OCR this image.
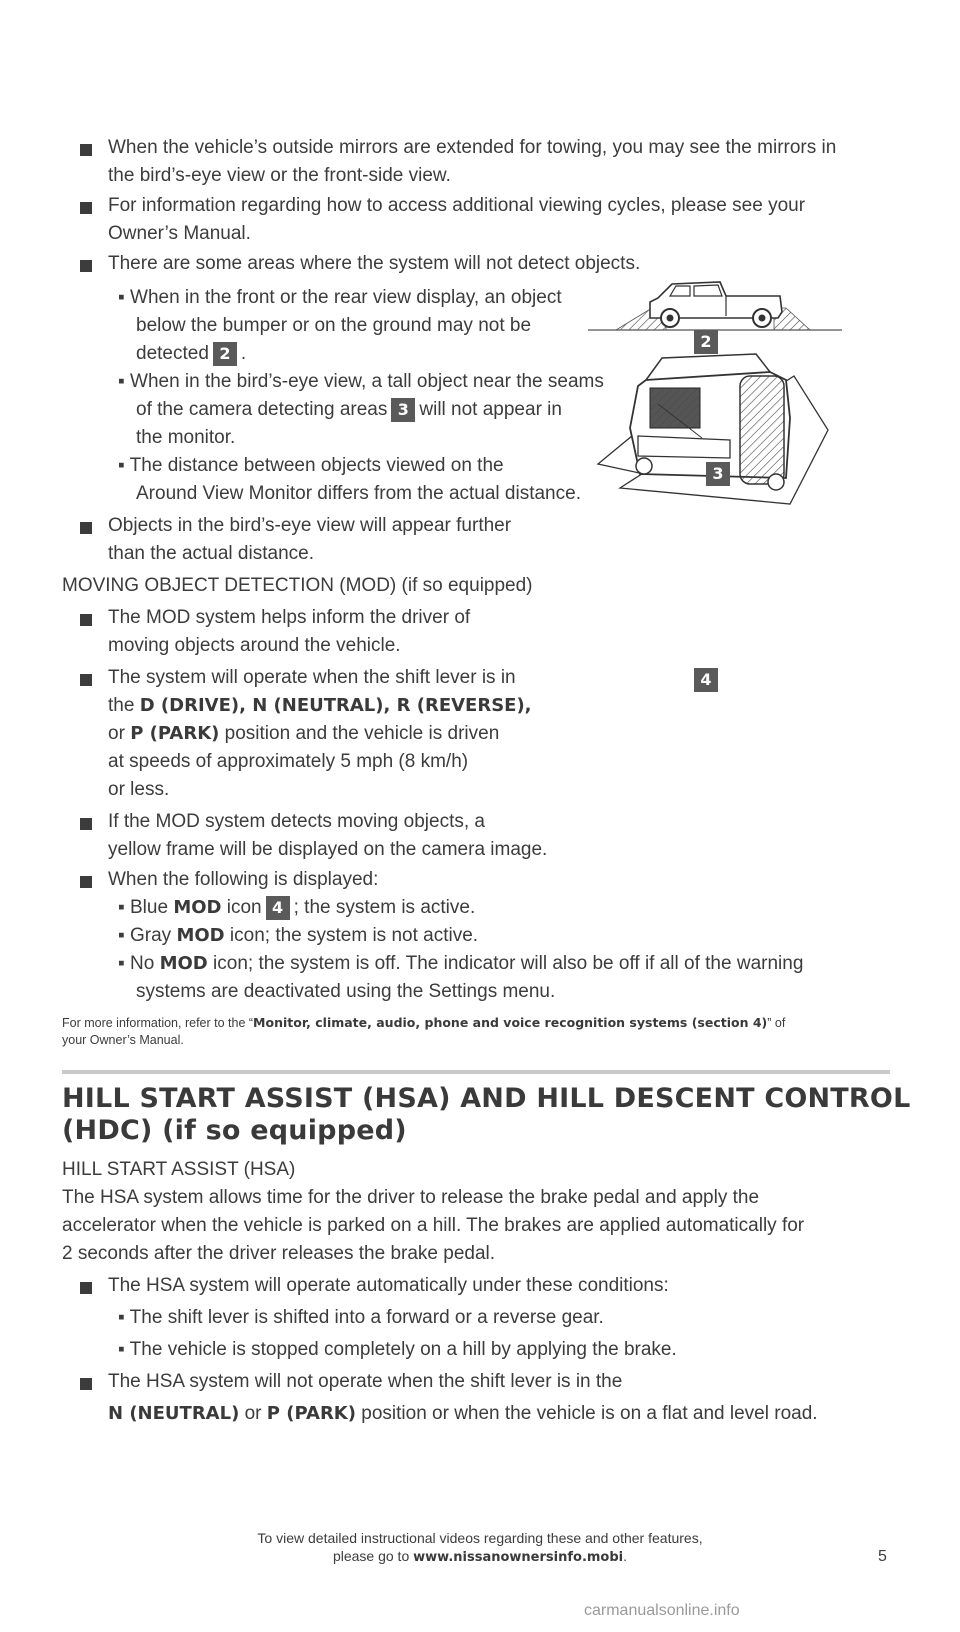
When the vehicle’s outside mirrors are extended for towing, you may see the mirrors in
the bird’s-eye view or the front-side view.
For information regarding how to access additional viewing cycles, please see your
Owner’s Manual.
There are some areas where the system will not detect objects.
▪ When in the front or the rear view display, an object
below the bumper or on the ground may not be
detected 2 .
▪ When in the bird’s-eye view, a tall object near the seams
of the camera detecting areas 3 will not appear in
the monitor.
▪ The distance between objects viewed on the
Around View Monitor differs from the actual distance.
Objects in the bird’s-eye view will appear further
than the actual distance.
MOVING OBJECT DETECTION (MOD) (if so equipped)
The MOD system helps inform the driver of
moving objects around the vehicle.
The system will operate when the shift lever is in
the D (DRIVE), N (NEUTRAL), R (REVERSE),
or P (PARK) position and the vehicle is driven
at speeds of approximately 5 mph (8 km/h)
or less.
If the MOD system detects moving objects, a
yellow frame will be displayed on the camera image.
When the following is displayed:
▪ Blue MOD icon 4 ; the system is active.
▪ Gray MOD icon; the system is not active.
▪ No MOD icon; the system is off. The indicator will also be off if all of the warning
systems are deactivated using the Settings menu.
For more information, refer to the “Monitor, climate, audio, phone and voice recognition systems (section 4)” of
your Owner’s Manual.
2
3
4
HILL START ASSIST (HSA) AND HILL DESCENT CONTROL
(HDC) (if so equipped)
HILL START ASSIST (HSA)
The HSA system allows time for the driver to release the brake pedal and apply the
accelerator when the vehicle is parked on a hill. The brakes are applied automatically for
2 seconds after the driver releases the brake pedal.
The HSA system will operate automatically under these conditions:
▪ The shift lever is shifted into a forward or a reverse gear.
▪ The vehicle is stopped completely on a hill by applying the brake.
The HSA system will not operate when the shift lever is in the
N (NEUTRAL) or P (PARK) position or when the vehicle is on a flat and level road.
To view detailed instructional videos regarding these and other features,
please go to www.nissanownersinfo.mobi.	5
carmanualsonline.info
